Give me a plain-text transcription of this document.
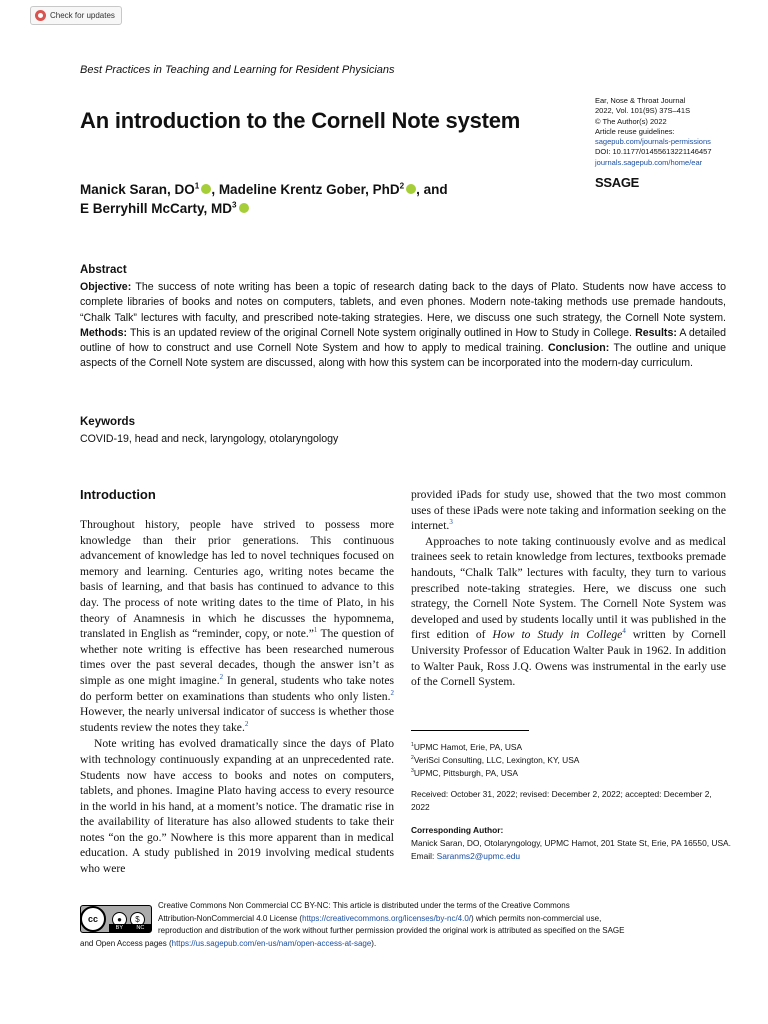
Check for updates
Best Practices in Teaching and Learning for Resident Physicians
An introduction to the Cornell Note system
Ear, Nose & Throat Journal
2022, Vol. 101(9S) 37S–41S
© The Author(s) 2022
Article reuse guidelines:
sagepub.com/journals-permissions
DOI: 10.1177/01455613221146457
journals.sagepub.com/home/ear
SSAGE
Manick Saran, $DO^1$ , Madeline Krentz Gober, PhD$^2$ , and
E Berryhill McCarty, $MD^3$
Abstract
Objective: The success of note writing has been a topic of research dating back to the days of Plato. Students now have access to complete libraries of books and notes on computers, tablets, and even phones. Modern note-taking methods use premade handouts, “Chalk Talk” lectures with faculty, and prescribed note-taking strategies. Here, we discuss one such strategy, the Cornell Note system. Methods: This is an updated review of the original Cornell Note system originally outlined in How to Study in College. Results: A detailed outline of how to construct and use Cornell Note System and how to apply to medical training. Conclusion: The outline and unique aspects of the Cornell Note system are discussed, along with how this system can be incorporated into the modern-day curriculum.
Keywords
COVID-19, head and neck, laryngology, otolaryngology
Introduction

Throughout history, people have strived to possess more knowledge than their prior generations. This continuous advancement of knowledge has led to novel techniques focused on memory and learning. Centuries ago, writing notes became the basis of learning, and that basis has continued to advance to this day. The process of note writing dates to the time of Plato, in his theory of Anamnesis in which he discusses the hypomnema, translated in English as “reminder, copy, or note.”$^1$ The question of whether note writing is effective has been researched numerous times over the past several decades, though the answer isn’t as simple as one might imagine.$^2$ In general, students who take notes do perform better on examinations than students who only listen.$^2$ However, the nearly universal indicator of success is whether those students review the notes they take.$^2$

Note writing has evolved dramatically since the days of Plato with technology continuously expanding at an unprecedented rate. Students now have access to books and notes on computers, tablets, and phones. Imagine Plato having access to every resource in the world in his hand, at a moment’s notice. The dramatic rise in the availability of literature has also allowed students to take their notes “on the go.” Nowhere is this more apparent than in medical education. A study published in 2019 involving medical students who were

provided iPads for study use, showed that the two most common uses of these iPads were note taking and information seeking on the internet.$^3$

Approaches to note taking continuously evolve and as medical trainees seek to retain knowledge from lectures, textbooks premade handouts, “Chalk Talk” lectures with faculty, they turn to various prescribed note-taking strategies. Here, we discuss one such strategy, the Cornell Note System. The Cornell Note System was developed and used by students locally until it was published in the first edition of How to Study in College$^4$ written by Cornell University Professor of Education Walter Pauk in 1962. In addition to Walter Pauk, Ross J.Q. Owens was instrumental in the early use of the Cornell System.

$^1$UPMC Hamot, Erie, PA, USA
$^2$VeriSci Consulting, LLC, Lexington, KY, USA
$^3$UPMC, Pittsburgh, PA, USA
Received: October 31, 2022; revised: December 2, 2022; accepted: December 2, 2022
Corresponding Author:
Manick Saran, DO, Otolaryngology, UPMC Hamot, 201 State St, Erie, PA 16550, USA.
Email: Saranms2@upmc.edu
cc	●	$
BY NC
Creative Commons Non Commercial CC BY-NC: This article is distributed under the terms of the Creative Commons
Attribution-NonCommercial 4.0 License (https://creativecommons.org/licenses/by-nc/4.0/) which permits non-commercial use,
reproduction and distribution of the work without further permission provided the original work is attributed as specified on the SAGE
and Open Access pages (https://us.sagepub.com/en-us/nam/open-access-at-sage).
